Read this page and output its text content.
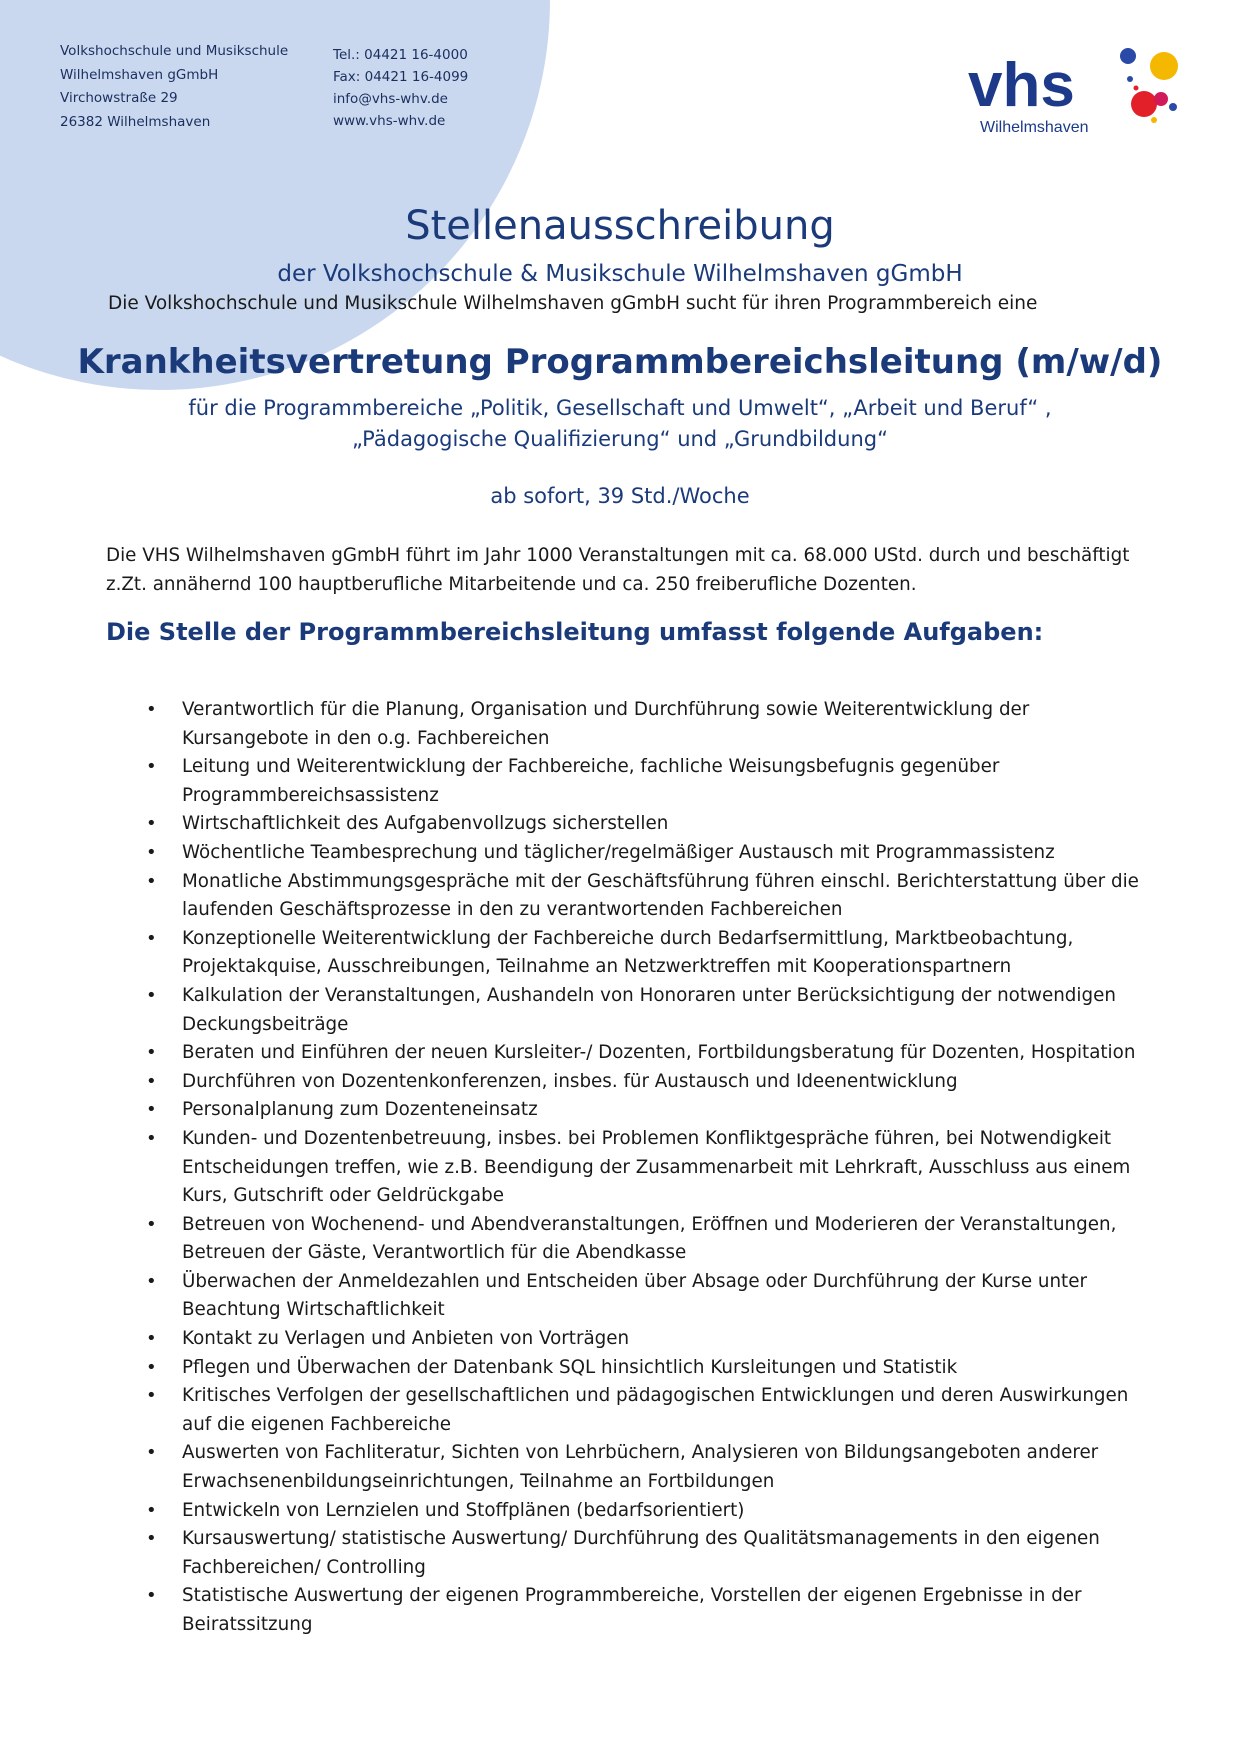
Volkshochschule und Musikschule
Wilhelmshaven gGmbH
Virchowstraße 29
26382 Wilhelmshaven
Tel.: 04421 16-4000
Fax: 04421 16-4099
info@vhs-whv.de
www.vhs-whv.de
vhs
Wilhelmshaven
Stellenausschreibung
der Volkshochschule & Musikschule Wilhelmshaven gGmbH
Die Volkshochschule und Musikschule Wilhelmshaven gGmbH sucht für ihren Programmbereich eine
Krankheitsvertretung Programmbereichsleitung (m/w/d)
für die Programmbereiche „Politik, Gesellschaft und Umwelt“, „Arbeit und Beruf“ , „Pädagogische Qualifizierung“ und „Grundbildung“
ab sofort, 39 Std./Woche
Die VHS Wilhelmshaven gGmbH führt im Jahr 1000 Veranstaltungen mit ca. 68.000 UStd. durch und beschäftigt z.Zt. annähernd 100 hauptberufliche Mitarbeitende und ca. 250 freiberufliche Dozenten.
Die Stelle der Programmbereichsleitung umfasst folgende Aufgaben:
• Verantwortlich für die Planung, Organisation und Durchführung sowie Weiterentwicklung der Kursangebote in den o.g. Fachbereichen
• Leitung und Weiterentwicklung der Fachbereiche, fachliche Weisungsbefugnis gegenüber Programmbereichsassistenz
• Wirtschaftlichkeit des Aufgabenvollzugs sicherstellen
• Wöchentliche Teambesprechung und täglicher/regelmäßiger Austausch mit Programmassistenz
• Monatliche Abstimmungsgespräche mit der Geschäftsführung führen einschl. Berichterstattung über die laufenden Geschäftsprozesse in den zu verantwortenden Fachbereichen
• Konzeptionelle Weiterentwicklung der Fachbereiche durch Bedarfsermittlung, Marktbeobachtung, Projektakquise, Ausschreibungen, Teilnahme an Netzwerktreffen mit Kooperationspartnern
• Kalkulation der Veranstaltungen, Aushandeln von Honoraren unter Berücksichtigung der notwendigen Deckungsbeiträge
• Beraten und Einführen der neuen Kursleiter-/ Dozenten, Fortbildungsberatung für Dozenten, Hospitation
• Durchführen von Dozentenkonferenzen, insbes. für Austausch und Ideenentwicklung
• Personalplanung zum Dozenteneinsatz
• Kunden- und Dozentenbetreuung, insbes. bei Problemen Konfliktgespräche führen, bei Notwendigkeit Entscheidungen treffen, wie z.B. Beendigung der Zusammenarbeit mit Lehrkraft, Ausschluss aus einem Kurs, Gutschrift oder Geldrückgabe
• Betreuen von Wochenend- und Abendveranstaltungen, Eröffnen und Moderieren der Veranstaltungen, Betreuen der Gäste, Verantwortlich für die Abendkasse
• Überwachen der Anmeldezahlen und Entscheiden über Absage oder Durchführung der Kurse unter Beachtung Wirtschaftlichkeit
• Kontakt zu Verlagen und Anbieten von Vorträgen
• Pflegen und Überwachen der Datenbank SQL hinsichtlich Kursleitungen und Statistik
• Kritisches Verfolgen der gesellschaftlichen und pädagogischen Entwicklungen und deren Auswirkungen auf die eigenen Fachbereiche
• Auswerten von Fachliteratur, Sichten von Lehrbüchern, Analysieren von Bildungsangeboten anderer Erwachsenenbildungseinrichtungen, Teilnahme an Fortbildungen
• Entwickeln von Lernzielen und Stoffplänen (bedarfsorientiert)
• Kursauswertung/ statistische Auswertung/ Durchführung des Qualitätsmanagements in den eigenen Fachbereichen/ Controlling
• Statistische Auswertung der eigenen Programmbereiche, Vorstellen der eigenen Ergebnisse in der Beiratssitzung
